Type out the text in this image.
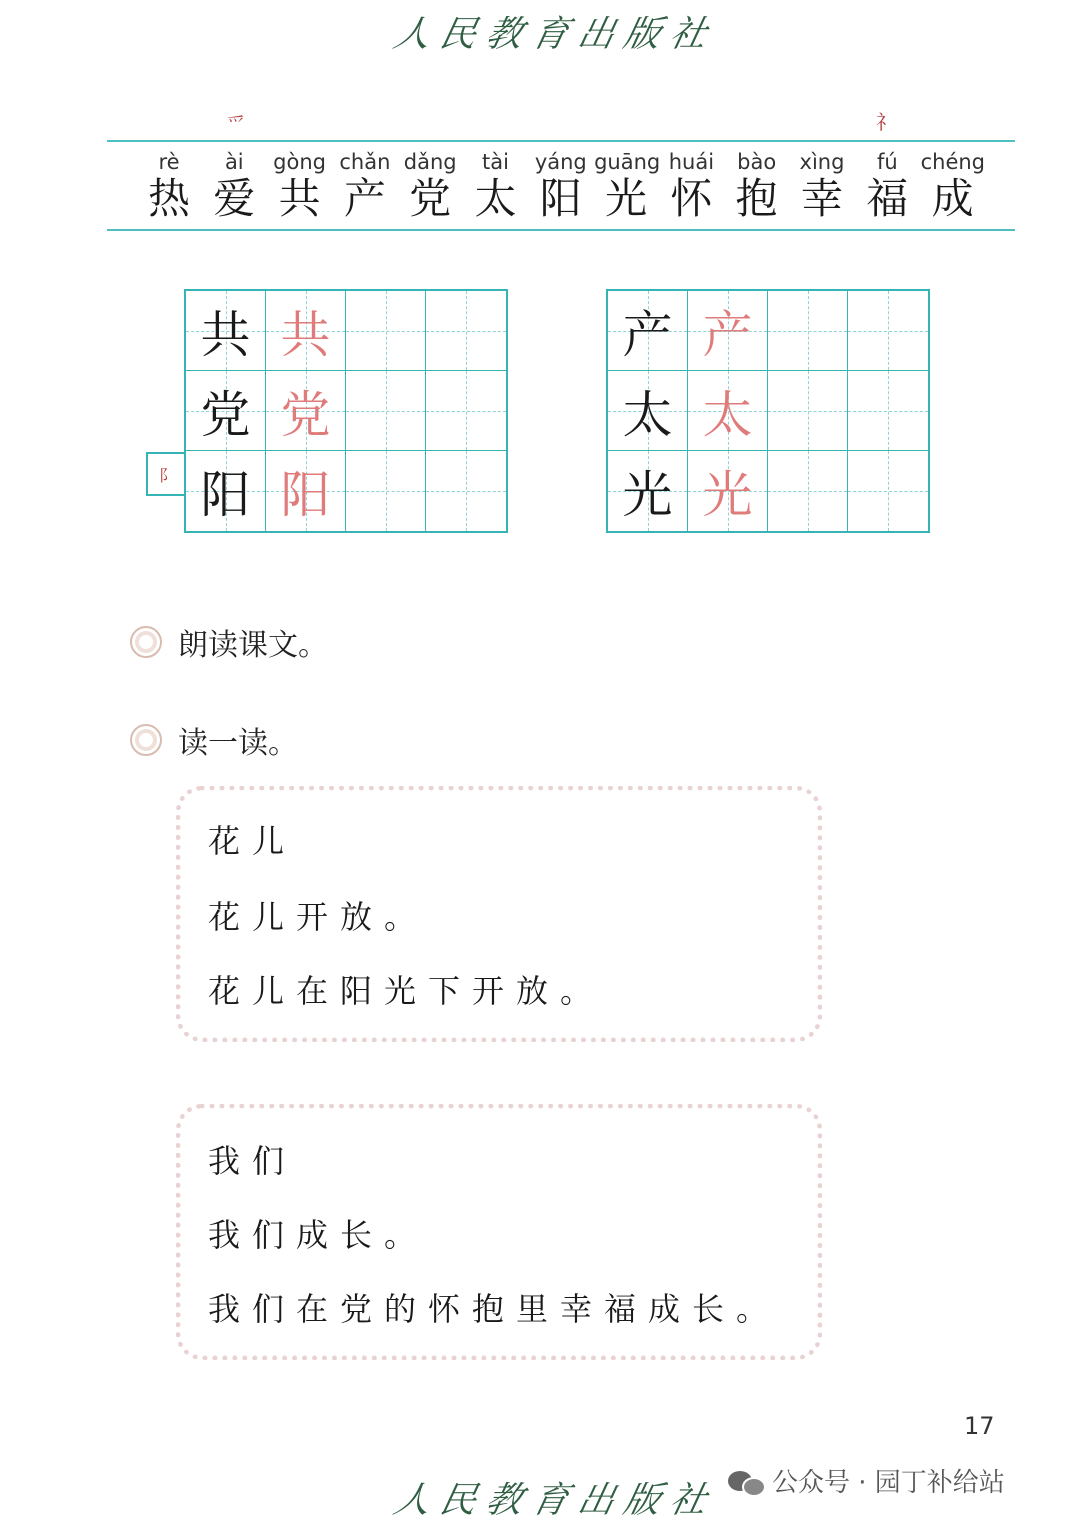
人民教育出版社
爫	礻
rè
热
ài
爱
gòng
共
chǎn
产
dǎng
党
tài
太
yáng
阳
guāng
光
huái
怀
bào
抱
xìng
幸
fú
福
chéng
成
共 共
党 党
阳 阳
阝
产 产
太 太
光 光
朗读课文。
读一读。
花儿
花儿开放。
花儿在阳光下开放。
我们
我们成长。
我们在党的怀抱里幸福成长。
17
人民教育出版社 公众号 · 园丁补给站
